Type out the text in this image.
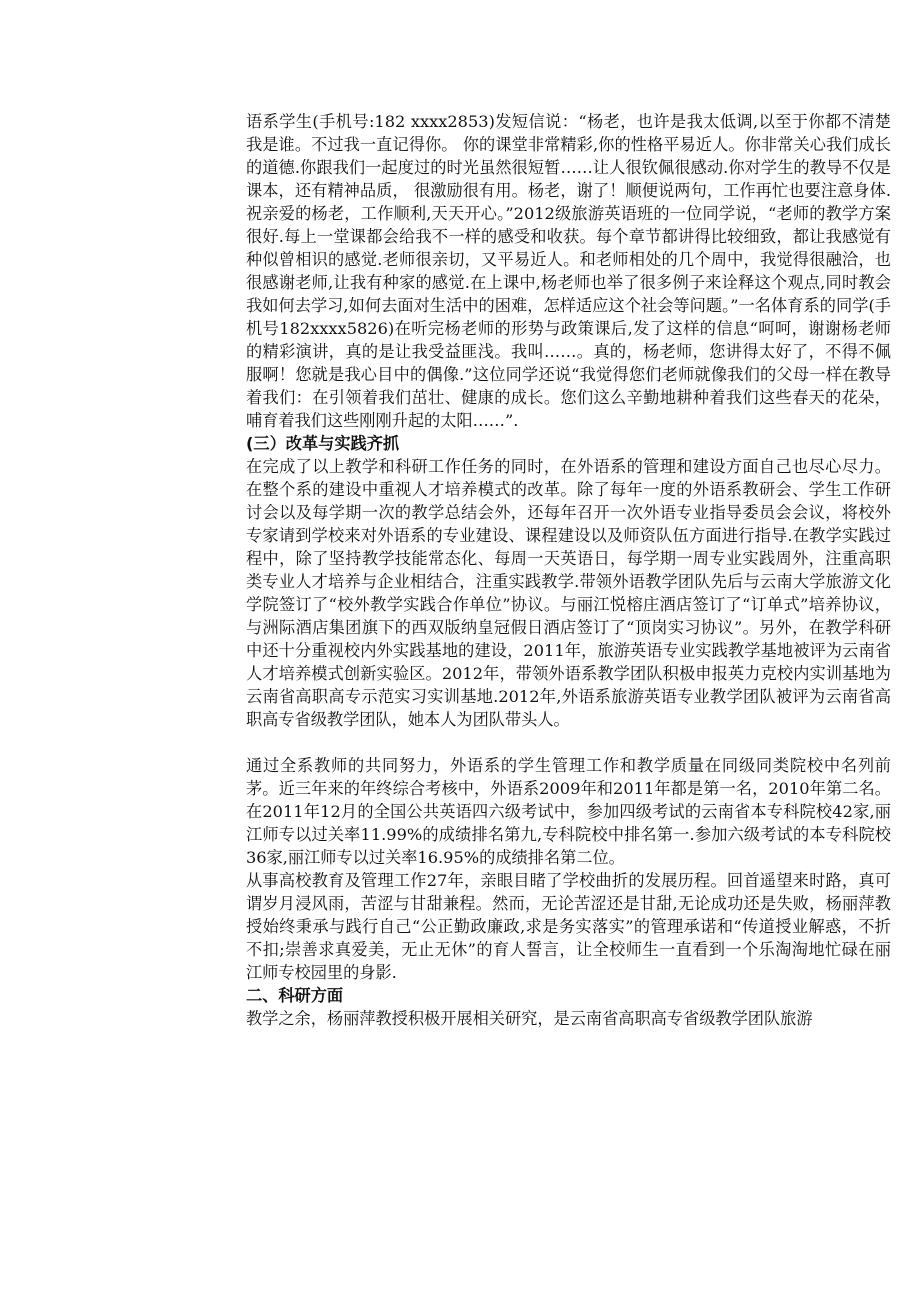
语系学生(手机号:182 xxxx2853)发短信说：“杨老，也许是我太低调,以至于你都不清楚我是谁。不过我一直记得你。 你的课堂非常精彩,你的性格平易近人。你非常关心我们成长的道德.你跟我们一起度过的时光虽然很短暂……让人很钦佩很感动.你对学生的教导不仅是课本，还有精神品质， 很激励很有用。杨老，谢了！顺便说两句，工作再忙也要注意身体.祝亲爱的杨老，工作顺利,天天开心。”2012级旅游英语班的一位同学说，“老师的教学方案很好.每上一堂课都会给我不一样的感受和收获。每个章节都讲得比较细致，都让我感觉有种似曾相识的感觉.老师很亲切，又平易近人。和老师相处的几个周中，我觉得很融洽，也很感谢老师,让我有种家的感觉.在上课中,杨老师也举了很多例子来诠释这个观点,同时教会我如何去学习,如何去面对生活中的困难，怎样适应这个社会等问题。”一名体育系的同学(手机号182xxxx5826)在听完杨老师的形势与政策课后,发了这样的信息“呵呵，谢谢杨老师的精彩演讲，真的是让我受益匪浅。我叫……。真的，杨老师，您讲得太好了，不得不佩服啊！您就是我心目中的偶像.”这位同学还说“我觉得您们老师就像我们的父母一样在教导着我们：在引领着我们茁壮、健康的成长。您们这么辛勤地耕种着我们这些春天的花朵，哺育着我们这些刚刚升起的太阳……”.

(三）改革与实践齐抓

在完成了以上教学和科研工作任务的同时，在外语系的管理和建设方面自己也尽心尽力。在整个系的建设中重视人才培养模式的改革。除了每年一度的外语系教研会、学生工作研讨会以及每学期一次的教学总结会外，还每年召开一次外语专业指导委员会会议，将校外专家请到学校来对外语系的专业建设、课程建设以及师资队伍方面进行指导.在教学实践过程中，除了坚持教学技能常态化、每周一天英语日，每学期一周专业实践周外，注重高职类专业人才培养与企业相结合，注重实践教学.带领外语教学团队先后与云南大学旅游文化学院签订了“校外教学实践合作单位”协议。与丽江悦榕庄酒店签订了“订单式”培养协议，与洲际酒店集团旗下的西双版纳皇冠假日酒店签订了“顶岗实习协议”。另外，在教学科研中还十分重视校内外实践基地的建设，2011年，旅游英语专业实践教学基地被评为云南省人才培养模式创新实验区。2012年，带领外语系教学团队积极申报英力克校内实训基地为云南省高职高专示范实习实训基地.2012年,外语系旅游英语专业教学团队被评为云南省高职高专省级教学团队，她本人为团队带头人。

通过全系教师的共同努力，外语系的学生管理工作和教学质量在同级同类院校中名列前茅。近三年来的年终综合考核中，外语系2009年和2011年都是第一名，2010年第二名。在2011年12月的全国公共英语四六级考试中，参加四级考试的云南省本专科院校42家,丽江师专以过关率11.99%的成绩排名第九,专科院校中排名第一.参加六级考试的本专科院校36家,丽江师专以过关率16.95%的成绩排名第二位。

从事高校教育及管理工作27年，亲眼目睹了学校曲折的发展历程。回首遥望来时路，真可谓岁月浸风雨，苦涩与甘甜兼程。然而，无论苦涩还是甘甜,无论成功还是失败，杨丽萍教授始终秉承与践行自己“公正勤政廉政,求是务实落实”的管理承诺和“传道授业解惑，不折不扣;崇善求真爱美，无止无休”的育人誓言，让全校师生一直看到一个乐淘淘地忙碌在丽江师专校园里的身影.

二、科研方面

教学之余，杨丽萍教授积极开展相关研究，是云南省高职高专省级教学团队旅游
